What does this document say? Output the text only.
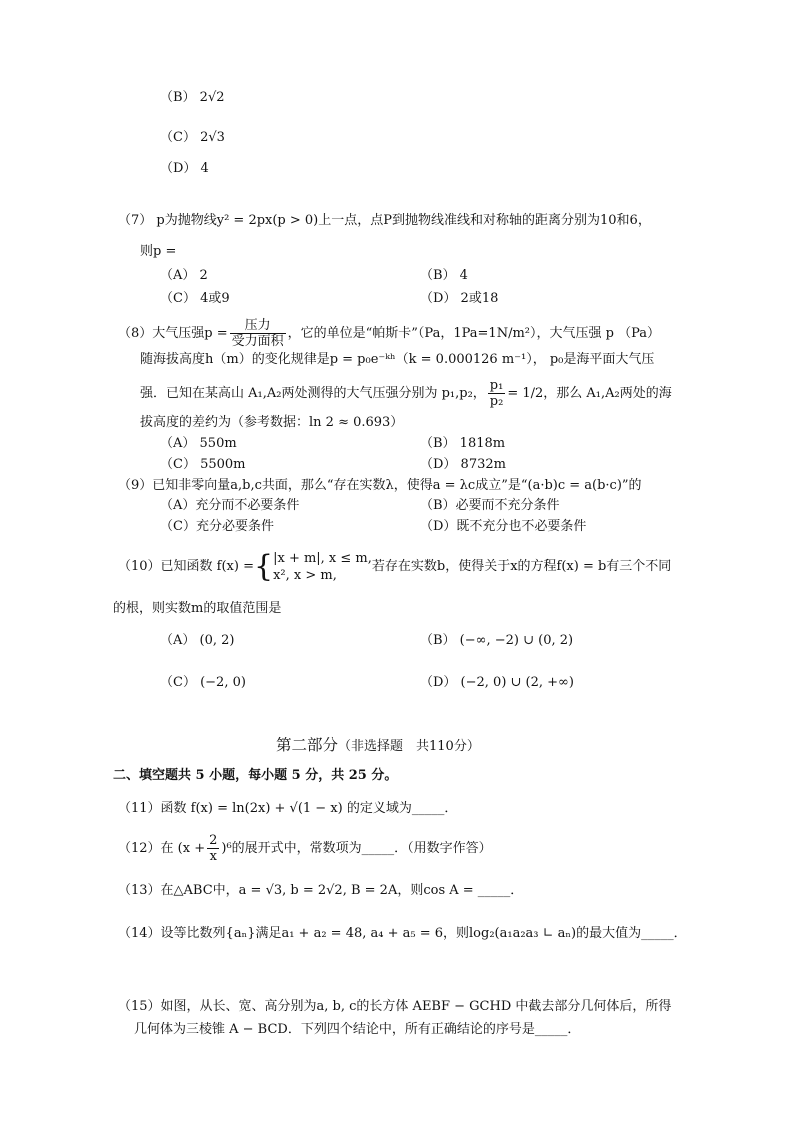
（B） 2√2
（C） 2√3
（D） 4
（7） p为抛物线y² = 2px(p > 0)上一点，点P到抛物线准线和对称轴的距离分别为10和6，
则p =
（A） 2	（B） 4
（C） 4或9	（D） 2或18
（8）大气压强$p = \frac{\text{压力}}{\text{受力面积}}$ ，它的单位是“帕斯卡”（Pa，1Pa=1N/m²），大气压强 p （Pa）
随海拔高度h（m）的变化规律是p = p₀e⁻ᵏʰ（k = 0.000126 m⁻¹）， p₀是海平面大气压
强．已知在某高山 A₁,A₂两处测得的大气压强分别为 p₁,p₂， $\frac{\text{p₁}}{\text{p₂}} = 1/2$，那么 A₁,A₂两处的海
拔高度的差约为（参考数据：ln 2 ≈ 0.693）
（A） 550m	（B） 1818m
（C） 5500m	（D） 8732m
（9）已知非零向量a,b,c共面，那么“存在实数λ，使得a = λc成立”是“(a·b)c = a(b·c)”的
（A）充分而不必要条件	（B）必要而不充分条件
（C）充分必要条件	（D）既不充分也不必要条件
（10）已知函数 f(x) ={ |x + m|, x ≤ m,
x², x > m,
若存在实数b，使得关于x的方程f(x) = b有三个不同
的根，则实数m的取值范围是
（A） (0, 2)	（B） (−∞, −2) ∪ (0, 2)
（C） (−2, 0)	（D） (−2, 0) ∪ (2, +∞)
第二部分（非选择题　共110分）
二、填空题共 5 小题，每小题 5 分，共 25 分。
（11）函数 f(x) = ln(2x) + √(1 − x) 的定义域为_____．
（12）在 $(x + \frac{2}{x} )^6$的展开式中，常数项为_____．（用数字作答）
（13）在△ABC中，a = √3, b = 2√2, B = 2A，则cos A = _____．
（14）设等比数列{aₙ}满足a₁ + a₂ = 48, a₄ + a₅ = 6，则log₂(a₁a₂a₃ ∟ aₙ)的最大值为_____．
（15）如图，从长、宽、高分别为a, b, c的长方体 AEBF − GCHD 中截去部分几何体后，所得
几何体为三棱锥 A − BCD．下列四个结论中，所有正确结论的序号是_____．
